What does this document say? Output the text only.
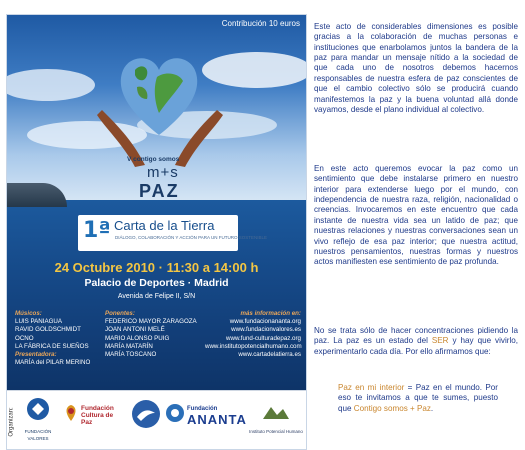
Contribución 10 euros
V contigo somos
m+s
PAZ
1ª Carta de la Tierra
DIÁLOGO, COLABORACIÓN Y ACCIÓN PARA UN FUTURO SOSTENIBLE
24 Octubre 2010 · 11:30 a 14:00 h
Palacio de Deportes · Madrid
Avenida de Felipe II, S/N
Músicos:
LUIS PANIAGUA
RAVID GOLDSCHMIDT
OCNO
LA FÁBRICA DE SUEÑOS
Presentadora:
MARÍA del PILAR MERINO
Ponentes:
FEDERICO MAYOR ZARAGOZA
JOAN ANTONI MELÉ
MARIO ALONSO PUIG
MARÍA MATARÍN
MARÍA TOSCANO
más información en:
www.fundacionananta.org
www.fundacionvalores.es
www.fund-culturadepaz.org
www.institutopotencialhumano.com
www.cartadelatierra.es
Organizan:	FUNDACIÓN VALORES
Fundación Cultura de Paz
Fundación
ANANTA
Instituto Potencial Humano

Este acto de considerables dimensiones es posible gracias a la colaboración de muchas personas e instituciones que enarbolamos juntos la bandera de la paz para mandar un mensaje nítido a la sociedad de que cada uno de nosotros debemos hacernos responsables de nuestra esfera de paz conscientes de que el cambio colectivo sólo se producirá cuando manifestemos la paz y la buena voluntad allá donde vayamos, desde el plano individual al colectivo.

En este acto queremos evocar la paz como un sentimiento que debe instalarse primero en nuestro interior para extenderse luego por el mundo, con independencia de nuestra raza, religión, nacionalidad o creencias. Invocaremos en este encuentro que cada instante de nuestra vida sea un latido de paz; que nuestras relaciones y nuestras conversaciones sean un vivo reflejo de esa paz interior; que nuestra actitud, nuestros pensamientos, nuestras formas y nuestros actos manifiesten ese sentimiento de paz profunda.

No se trata sólo de hacer concentraciones pidiendo la paz. La paz es un estado del SER y hay que vivirlo, experimentarlo cada día. Por ello afirmamos que:

Paz en mi interior = Paz en el mundo. Por eso te invitamos a que te sumes, puesto que Contigo somos + Paz.
